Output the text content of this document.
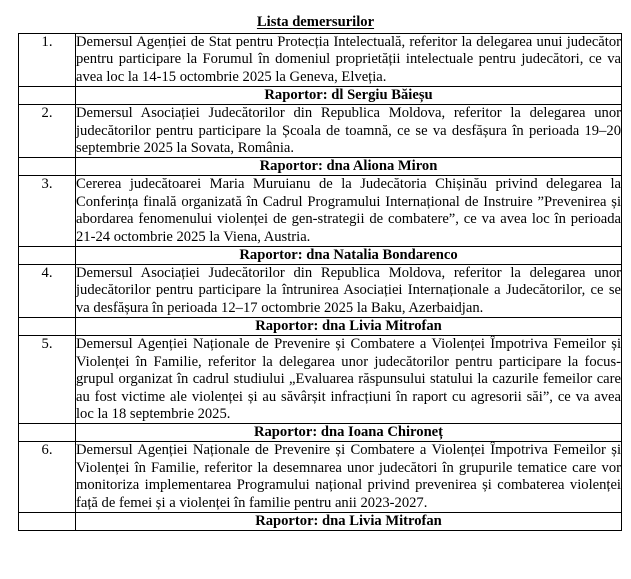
Lista demersurilor
1.	Demersul Agenției de Stat pentru Protecția Intelectuală, referitor la delegarea unui judecător pentru participare la Forumul în domeniul proprietății intelectuale pentru judecători, ce va avea loc la 14-15 octombrie 2025 la Geneva, Elveția.
	Raportor: dl Sergiu Băieșu
2.	Demersul Asociației Judecătorilor din Republica Moldova, referitor la delegarea unor judecătorilor pentru participare la Școala de toamnă, ce se va desfășura în perioada 19–20 septembrie 2025 la Sovata, România.
	Raportor: dna Aliona Miron
3.	Cererea judecătoarei Maria Muruianu de la Judecătoria Chișinău privind delegarea la Conferința finală organizată în Cadrul Programului Internațional de Instruire ”Prevenirea și abordarea fenomenului violenței de gen-strategii de combatere”, ce va avea loc în perioada 21-24 octombrie 2025 la Viena, Austria.
	Raportor: dna Natalia Bondarenco
4.	Demersul Asociației Judecătorilor din Republica Moldova, referitor la delegarea unor judecătorilor pentru participare la întrunirea Asociației Internaționale a Judecătorilor, ce se va desfășura în perioada 12–17 octombrie 2025 la Baku, Azerbaidjan.
	Raportor: dna Livia Mitrofan
5.	Demersul Agenției Naționale de Prevenire și Combatere a Violenței Împotriva Femeilor și Violenței în Familie, referitor la delegarea unor judecătorilor pentru participare la focus-grupul organizat în cadrul studiului „Evaluarea răspunsului statului la cazurile femeilor care au fost victime ale violenței și au săvârșit infracțiuni în raport cu agresorii săi”, ce va avea loc la 18 septembrie 2025.
	Raportor: dna Ioana Chironeț
6.	Demersul Agenției Naționale de Prevenire și Combatere a Violenței Împotriva Femeilor și Violenței în Familie, referitor la desemnarea unor judecători în grupurile tematice care vor monitoriza implementarea Programului național privind prevenirea și combaterea violenței față de femei și a violenței în familie pentru anii 2023-2027.
	Raportor: dna Livia Mitrofan
